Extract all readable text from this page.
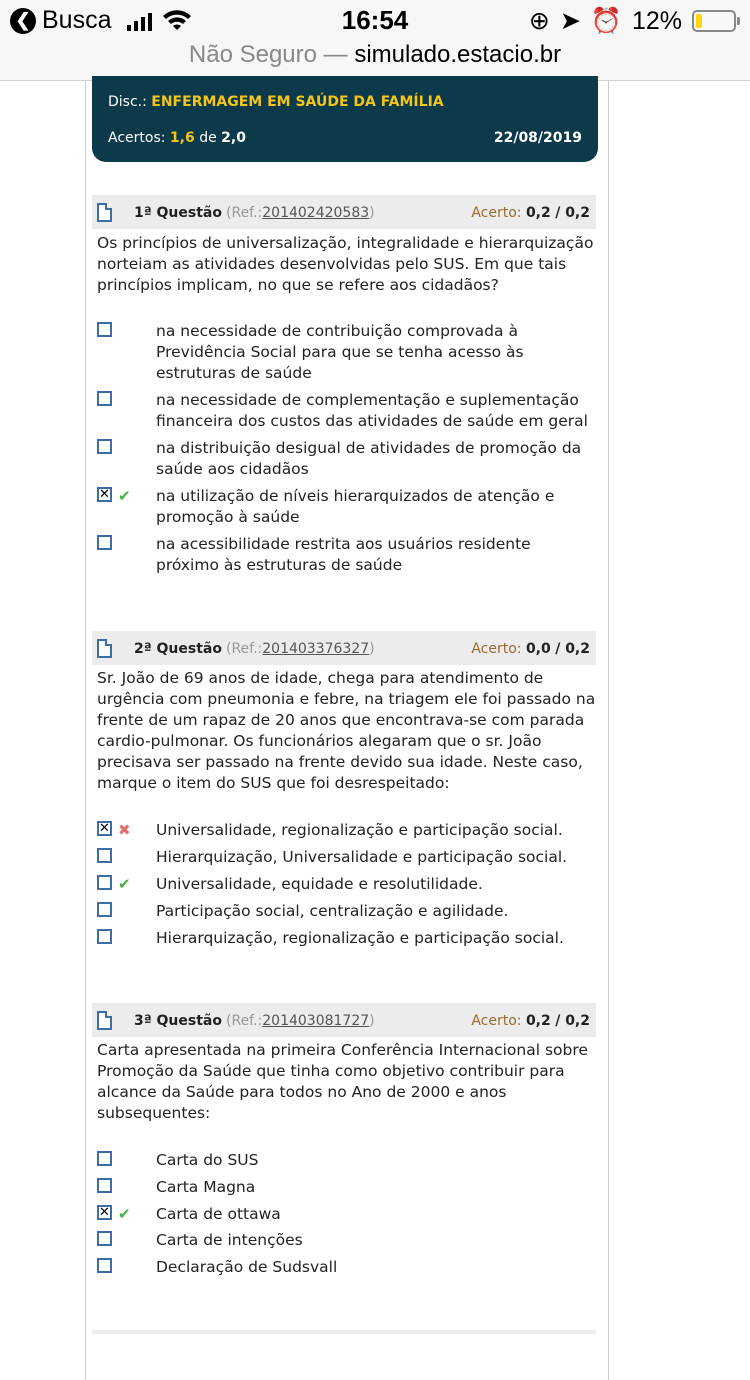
❮ Busca	16:54	⊕ ➤ ⏰ 12%
Não Seguro — simulado.estacio.br
Disc.: ENFERMAGEM EM SAÚDE DA FAMÍLIA
Acertos: 1,6 de 2,0	22/08/2019
1ª Questão (Ref.:201402420583)	Acerto: 0,2 / 0,2
Os princípios de universalização, integralidade e hierarquização norteiam as atividades desenvolvidas pelo SUS. Em que tais princípios implicam, no que se refere aos cidadãos?
na necessidade de contribuição comprovada à Previdência Social para que se tenha acesso às estruturas de saúde
na necessidade de complementação e suplementação financeira dos custos das atividades de saúde em geral
na distribuição desigual de atividades de promoção da saúde aos cidadãos
✕ ✔ na utilização de níveis hierarquizados de atenção e promoção à saúde
na acessibilidade restrita aos usuários residente próximo às estruturas de saúde
2ª Questão (Ref.:201403376327)	Acerto: 0,0 / 0,2
Sr. João de 69 anos de idade, chega para atendimento de urgência com pneumonia e febre, na triagem ele foi passado na frente de um rapaz de 20 anos que encontrava-se com parada cardio-pulmonar. Os funcionários alegaram que o sr. João precisava ser passado na frente devido sua idade. Neste caso, marque o item do SUS que foi desrespeitado:
✕ ✖ Universalidade, regionalização e participação social.
Hierarquização, Universalidade e participação social.
✔ Universalidade, equidade e resolutilidade.
Participação social, centralização e agilidade.
Hierarquização, regionalização e participação social.
3ª Questão (Ref.:201403081727)	Acerto: 0,2 / 0,2
Carta apresentada na primeira Conferência Internacional sobre Promoção da Saúde que tinha como objetivo contribuir para alcance da Saúde para todos no Ano de 2000 e anos subsequentes:
Carta do SUS
Carta Magna
✕ ✔ Carta de ottawa
Carta de intenções
Declaração de Sudsvall
